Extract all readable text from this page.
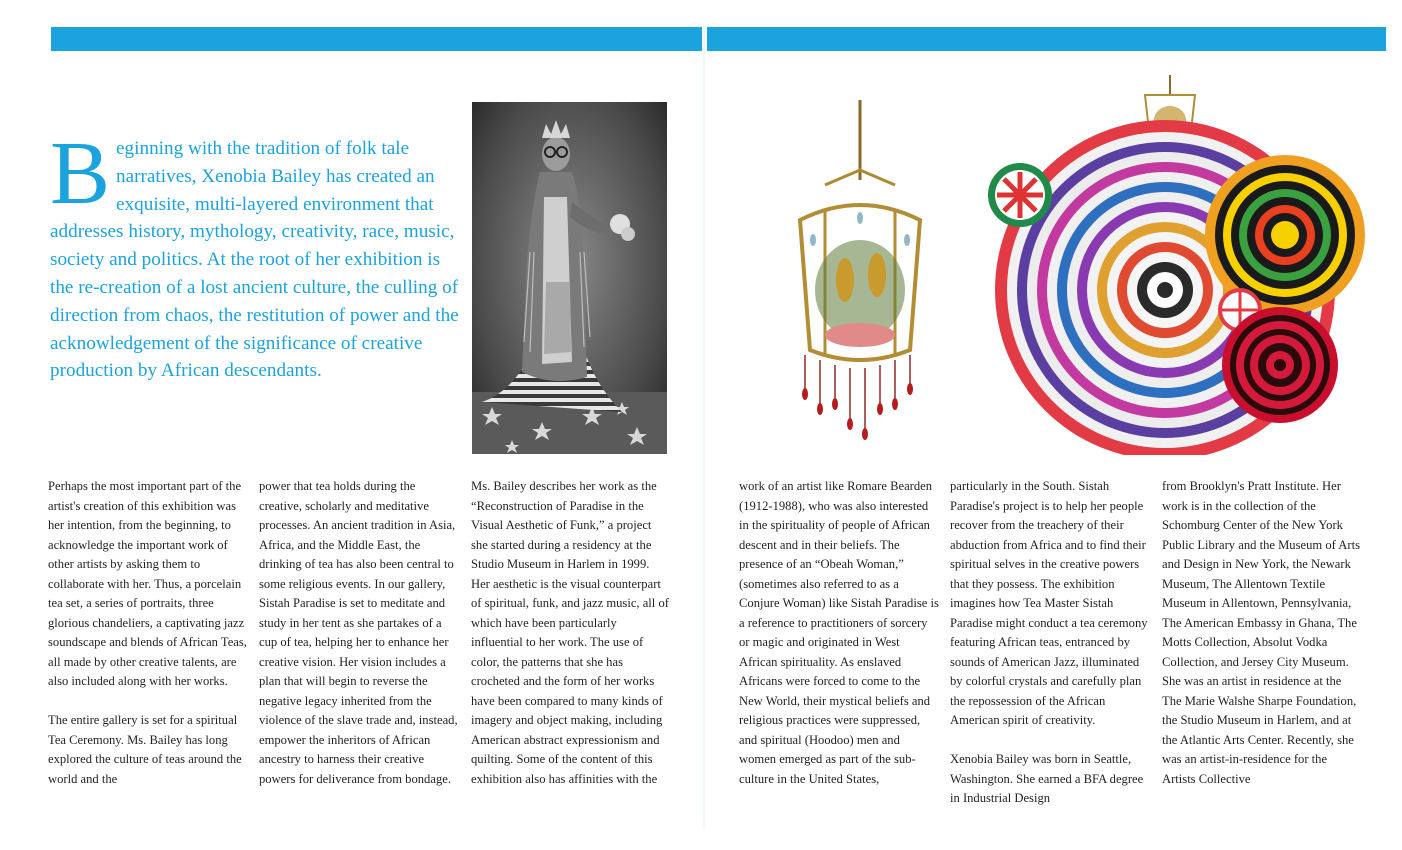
Beginning with the tradition of folk tale narratives, Xenobia Bailey has created an exquisite, multi-layered environment that addresses history, mythology, creativity, race, music, society and politics. At the root of her exhibition is the re-creation of a lost ancient culture, the culling of direction from chaos, the restitution of power and the acknowledgement of the significance of creative production by African descendants.

Perhaps the most important part of the artist's creation of this exhibition was her intention, from the beginning, to acknowledge the important work of other artists by asking them to collaborate with her. Thus, a porcelain tea set, a series of portraits, three glorious chandeliers, a captivating jazz soundscape and blends of African Teas, all made by other creative talents, are also included along with her works.

The entire gallery is set for a spiritual Tea Ceremony. Ms. Bailey has long explored the culture of teas around the world and the

power that tea holds during the creative, scholarly and meditative processes. An ancient tradition in Asia, Africa, and the Middle East, the drinking of tea has also been central to some religious events. In our gallery, Sistah Paradise is set to meditate and study in her tent as she partakes of a cup of tea, helping her to enhance her creative vision. Her vision includes a plan that will begin to reverse the negative legacy inherited from the violence of the slave trade and, instead, empower the inheritors of African ancestry to harness their creative powers for deliverance from bondage.

Ms. Bailey describes her work as the “Reconstruction of Paradise in the Visual Aesthetic of Funk,” a project she started during a residency at the Studio Museum in Harlem in 1999. Her aesthetic is the visual counterpart of spiritual, funk, and jazz music, all of which have been particularly influential to her work. The use of color, the patterns that she has crocheted and the form of her works have been compared to many kinds of imagery and object making, including American abstract expressionism and quilting. Some of the content of this exhibition also has affinities with the

work of an artist like Romare Bearden (1912-1988), who was also interested in the spirituality of people of African descent and in their beliefs. The presence of an “Obeah Woman,” (sometimes also referred to as a Conjure Woman) like Sistah Paradise is a reference to practitioners of sorcery or magic and originated in West African spirituality. As enslaved Africans were forced to come to the New World, their mystical beliefs and religious practices were suppressed, and spiritual (Hoodoo) men and women emerged as part of the sub-culture in the United States,

particularly in the South. Sistah Paradise's project is to help her people recover from the treachery of their abduction from Africa and to find their spiritual selves in the creative powers that they possess. The exhibition imagines how Tea Master Sistah Paradise might conduct a tea ceremony featuring African teas, entranced by sounds of American Jazz, illuminated by colorful crystals and carefully plan the repossession of the African American spirit of creativity.

Xenobia Bailey was born in Seattle, Washington. She earned a BFA degree in Industrial Design

from Brooklyn's Pratt Institute. Her work is in the collection of the Schomburg Center of the New York Public Library and the Museum of Arts and Design in New York, the Newark Museum, The Allentown Textile Museum in Allentown, Pennsylvania, The American Embassy in Ghana, The Motts Collection, Absolut Vodka Collection, and Jersey City Museum. She was an artist in residence at the The Marie Walshe Sharpe Foundation, the Studio Museum in Harlem, and at the Atlantic Arts Center. Recently, she was an artist-in-residence for the Artists Collective
